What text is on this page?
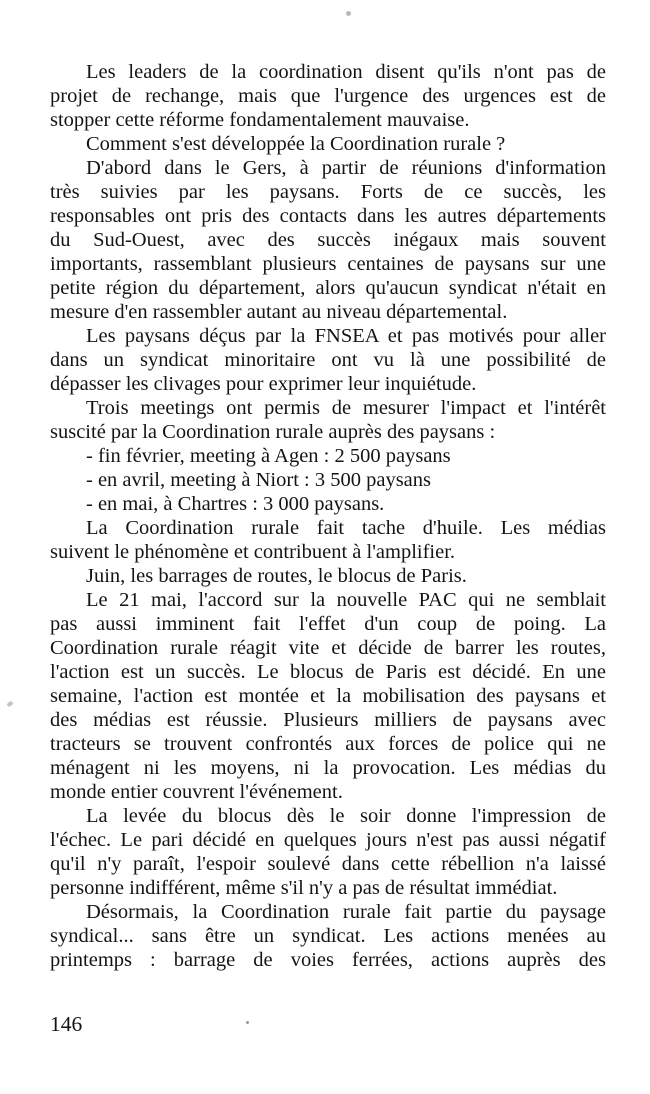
Les leaders de la coordination disent qu'ils n'ont pas de
projet de rechange, mais que l'urgence des urgences est de
stopper cette réforme fondamentalement mauvaise.
Comment s'est développée la Coordination rurale ?
D'abord dans le Gers, à partir de réunions d'information
très suivies par les paysans. Forts de ce succès, les
responsables ont pris des contacts dans les autres départements
du Sud-Ouest, avec des succès inégaux mais souvent
importants, rassemblant plusieurs centaines de paysans sur une
petite région du département, alors qu'aucun syndicat n'était en
mesure d'en rassembler autant au niveau départemental.
Les paysans déçus par la FNSEA et pas motivés pour aller
dans un syndicat minoritaire ont vu là une possibilité de
dépasser les clivages pour exprimer leur inquiétude.
Trois meetings ont permis de mesurer l'impact et l'intérêt
suscité par la Coordination rurale auprès des paysans :
- fin février, meeting à Agen : 2 500 paysans
- en avril, meeting à Niort : 3 500 paysans
- en mai, à Chartres : 3 000 paysans.
La Coordination rurale fait tache d'huile. Les médias
suivent le phénomène et contribuent à l'amplifier.
Juin, les barrages de routes, le blocus de Paris.
Le 21 mai, l'accord sur la nouvelle PAC qui ne semblait
pas aussi imminent fait l'effet d'un coup de poing. La
Coordination rurale réagit vite et décide de barrer les routes,
l'action est un succès. Le blocus de Paris est décidé. En une
semaine, l'action est montée et la mobilisation des paysans et
des médias est réussie. Plusieurs milliers de paysans avec
tracteurs se trouvent confrontés aux forces de police qui ne
ménagent ni les moyens, ni la provocation. Les médias du
monde entier couvrent l'événement.
La levée du blocus dès le soir donne l'impression de
l'échec. Le pari décidé en quelques jours n'est pas aussi négatif
qu'il n'y paraît, l'espoir soulevé dans cette rébellion n'a laissé
personne indifférent, même s'il n'y a pas de résultat immédiat.
Désormais, la Coordination rurale fait partie du paysage
syndical... sans être un syndicat. Les actions menées au
printemps : barrage de voies ferrées, actions auprès des
146
